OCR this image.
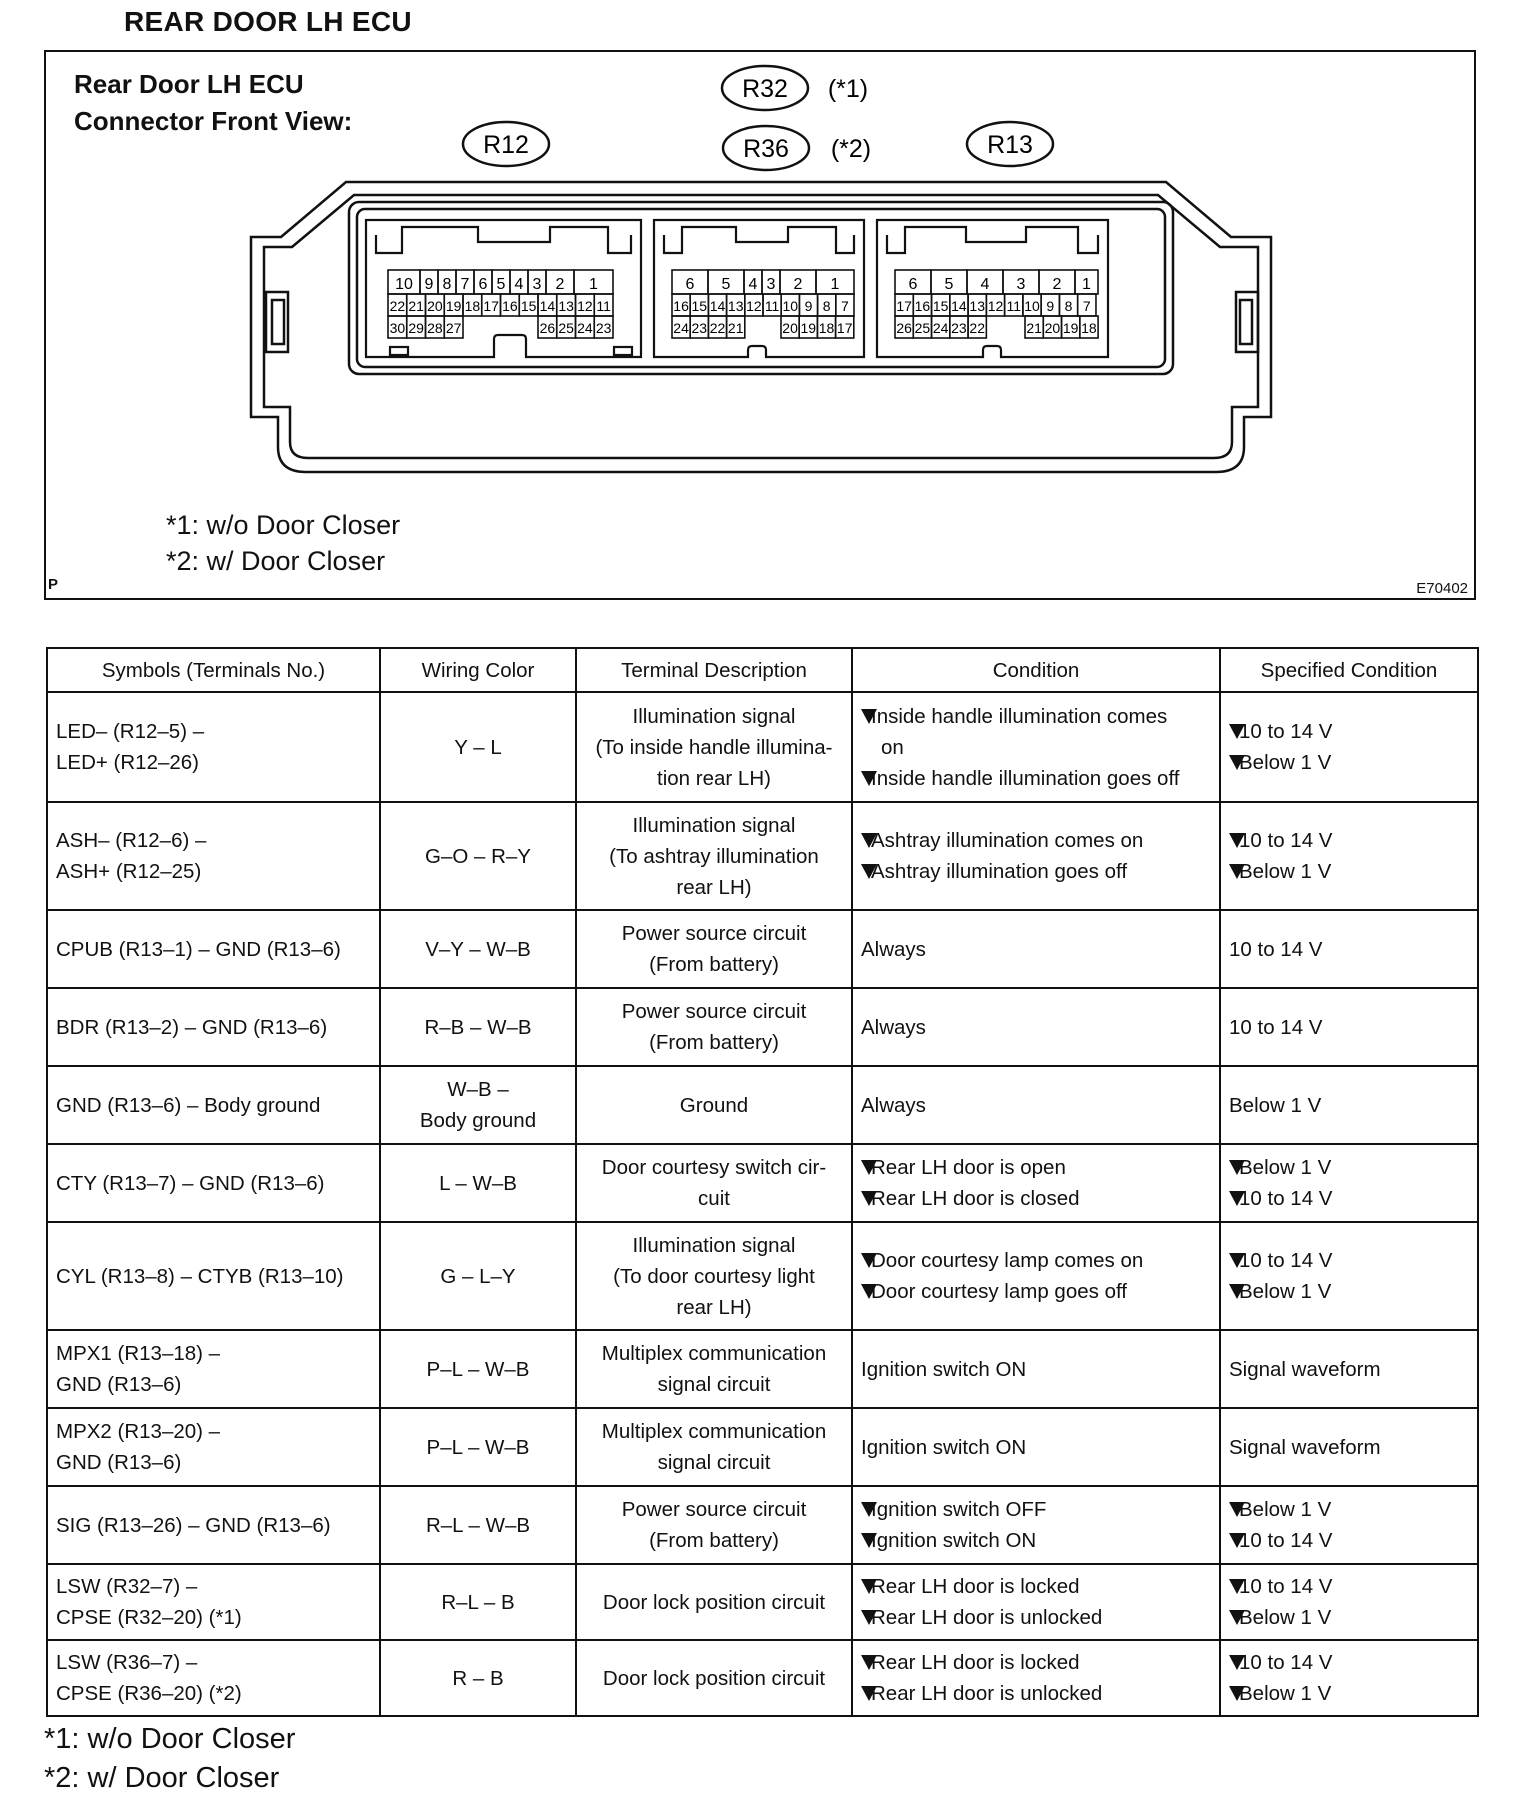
REAR DOOR LH ECU
Rear Door LH ECU
Connector Front View:
R12
R32 (*1)
R36 (*2)	R13
10 9 8 7 6 5 4 3 2 1
22 21 20 19 18 17 16 15 14 13 12 11
30 29 28 27	26 25 24 23
6 5 4 3 2 1
16 15 14 13 12 11 10 9 8 7
24 23 22 21	20 19 18 17
6 5 4 3 2 1
17 16 15 14 13 12 11 10 9 8 7
26 25 24 23 22	21 20 19 18
*1: w/o Door Closer
*2: w/ Door Closer
P	E70402
Symbols (Terminals No.)	Wiring Color	Terminal Description	Condition	Specified Condition

LED– (R12–5) –
LED+ (R12–26)	Y – L	Illumination signal
(To inside handle illumina-
tion rear LH)	Inside handle illumination comes
on
Inside handle illumination goes off	10 to 14 V
Below 1 V

ASH– (R12–6) –
ASH+ (R12–25)	G–O – R–Y	Illumination signal
(To ashtray illumination
rear LH)	Ashtray illumination comes on
Ashtray illumination goes off	10 to 14 V
Below 1 V

CPUB (R13–1) – GND (R13–6)	V–Y – W–B	Power source circuit
(From battery)	Always	10 to 14 V

BDR (R13–2) – GND (R13–6)	R–B – W–B	Power source circuit
(From battery)	Always	10 to 14 V

GND (R13–6) – Body ground	W–B –
Body ground	Ground	Always	Below 1 V

CTY (R13–7) – GND (R13–6)	L – W–B	Door courtesy switch cir-
cuit	Rear LH door is open
Rear LH door is closed	Below 1 V
10 to 14 V

CYL (R13–8) – CTYB (R13–10)	G – L–Y	Illumination signal
(To door courtesy light
rear LH)	Door courtesy lamp comes on
Door courtesy lamp goes off	10 to 14 V
Below 1 V

MPX1 (R13–18) –
GND (R13–6)	P–L – W–B	Multiplex communication
signal circuit	Ignition switch ON	Signal waveform

MPX2 (R13–20) –
GND (R13–6)	P–L – W–B	Multiplex communication
signal circuit	Ignition switch ON	Signal waveform

SIG (R13–26) – GND (R13–6)	R–L – W–B	Power source circuit
(From battery)	Ignition switch OFF
Ignition switch ON	Below 1 V
10 to 14 V

LSW (R32–7) –
CPSE (R32–20) (*1)	R–L – B	Door lock position circuit	Rear LH door is locked
Rear LH door is unlocked	10 to 14 V
Below 1 V

LSW (R36–7) –
CPSE (R36–20) (*2)	R – B	Door lock position circuit	Rear LH door is locked
Rear LH door is unlocked	10 to 14 V
Below 1 V
*1: w/o Door Closer
*2: w/ Door Closer
